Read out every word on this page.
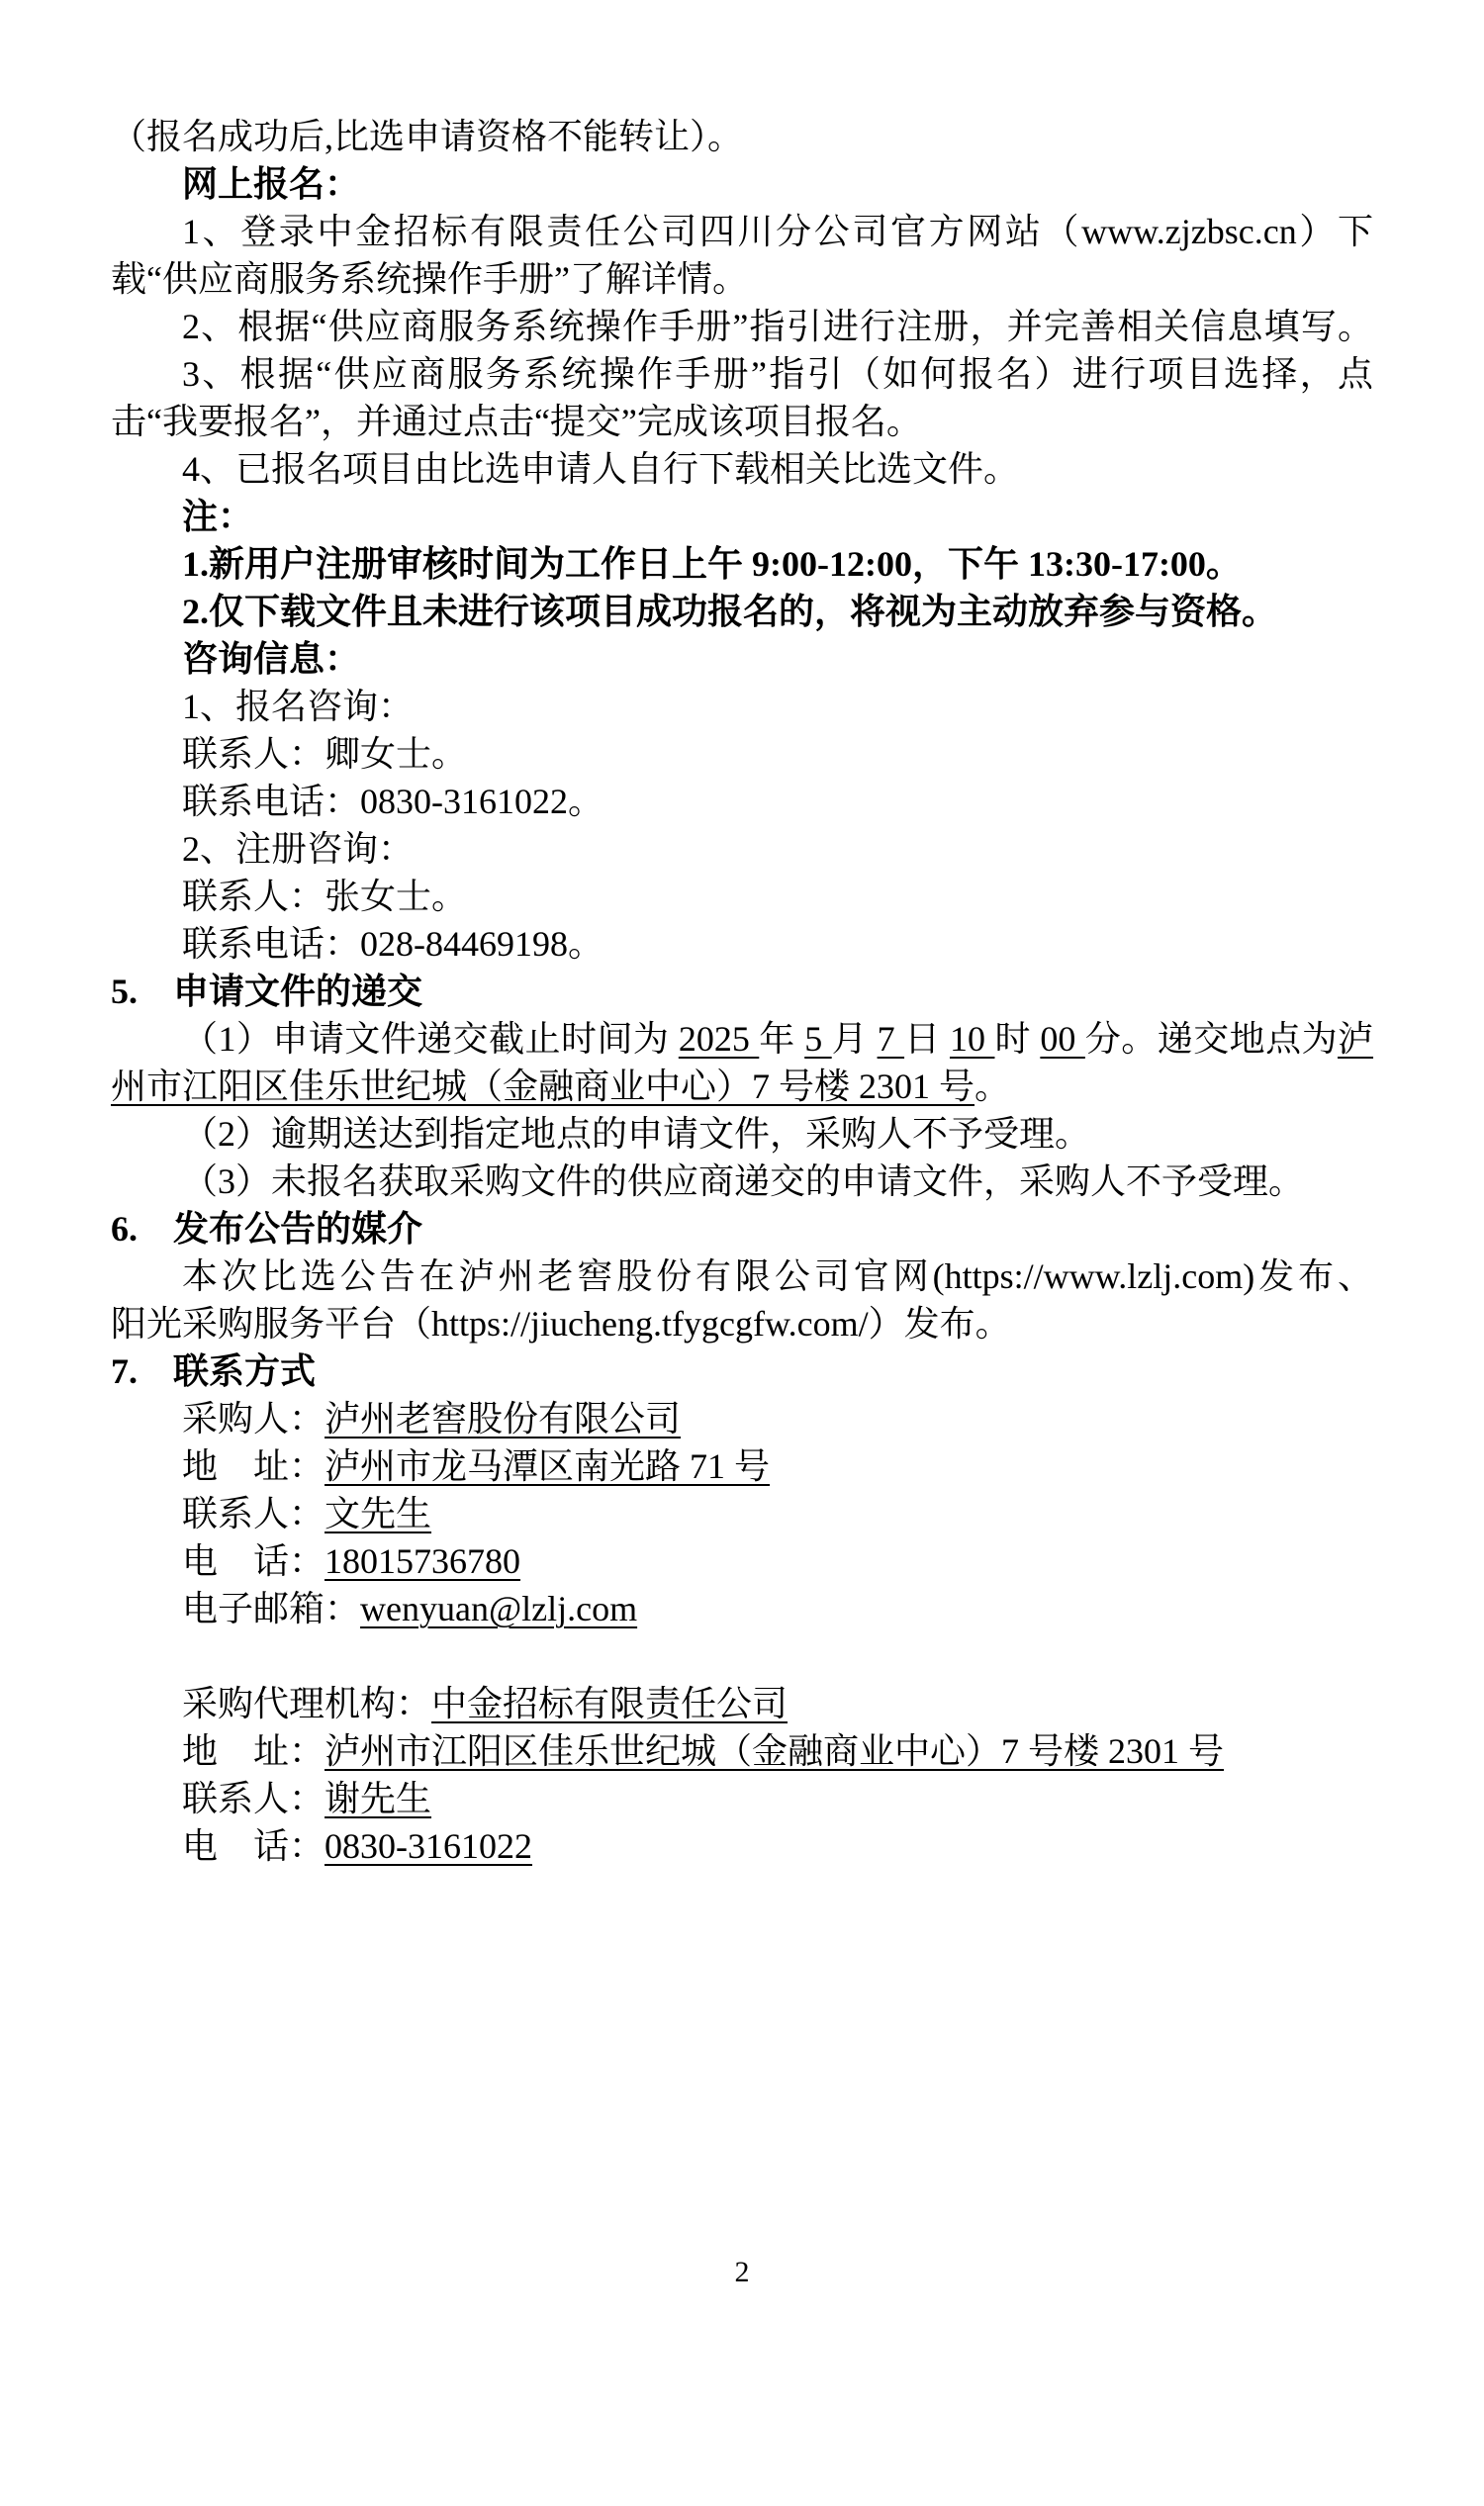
（报名成功后,比选申请资格不能转让）。
网上报名：
1、登录中金招标有限责任公司四川分公司官方网站（www.zjzbsc.cn）下
载“供应商服务系统操作手册”了解详情。
2、根据“供应商服务系统操作手册”指引进行注册，并完善相关信息填写。
3、根据“供应商服务系统操作手册”指引（如何报名）进行项目选择，点
击“我要报名”，并通过点击“提交”完成该项目报名。
4、已报名项目由比选申请人自行下载相关比选文件。
注：
1.新用户注册审核时间为工作日上午 9:00-12:00，下午 13:30-17:00。
2.仅下载文件且未进行该项目成功报名的，将视为主动放弃参与资格。
咨询信息：
1、报名咨询：
联系人：卿女士。
联系电话：0830-3161022。
2、注册咨询：
联系人：张女士。
联系电话：028-84469198。
5.　申请文件的递交
（1）申请文件递交截止时间为 2025 年 5 月 7 日 10 时 00 分。递交地点为泸
州市江阳区佳乐世纪城（金融商业中心）7 号楼 2301 号。
（2）逾期送达到指定地点的申请文件，采购人不予受理。
（3）未报名获取采购文件的供应商递交的申请文件，采购人不予受理。
6.　发布公告的媒介
本次比选公告在泸州老窖股份有限公司官网(https://www.lzlj.com)发布、
阳光采购服务平台（https://jiucheng.tfygcgfw.com/）发布。
7.　联系方式
采购人：泸州老窖股份有限公司
地　址：泸州市龙马潭区南光路 71 号
联系人：文先生
电　话：18015736780
电子邮箱：wenyuan@lzlj.com

采购代理机构：中金招标有限责任公司
地　址：泸州市江阳区佳乐世纪城（金融商业中心）7 号楼 2301 号
联系人：谢先生
电　话：0830-3161022
2
